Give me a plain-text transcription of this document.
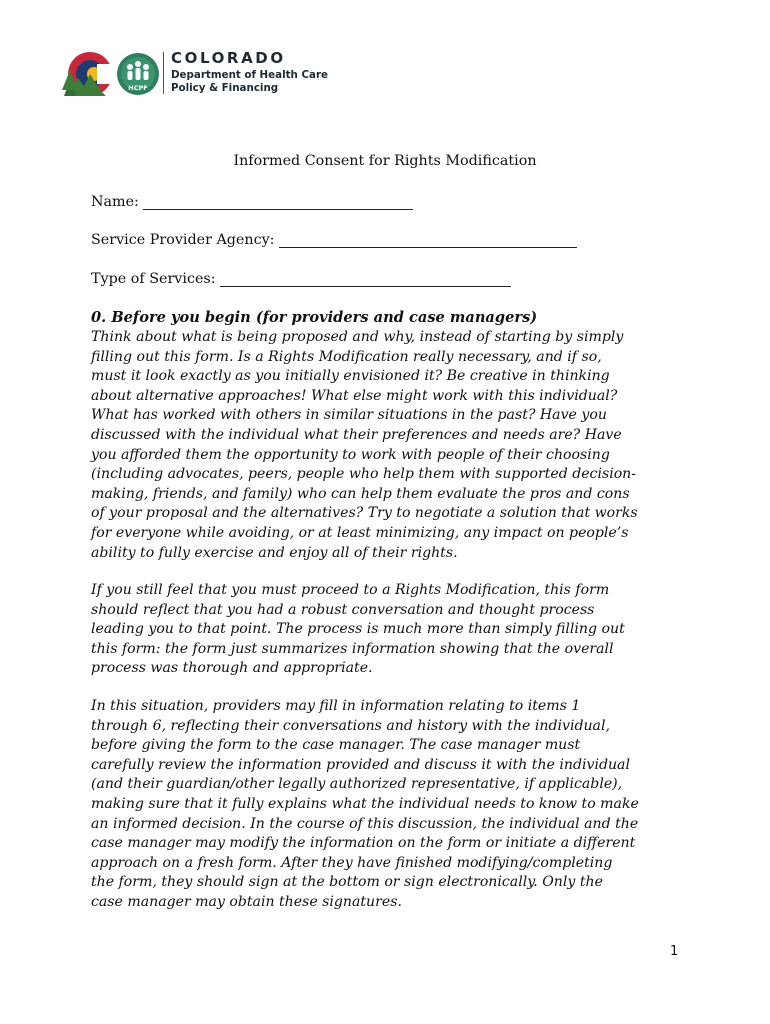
HCPF
COLORADO
Department of Health Care
Policy & Financing
Informed Consent for Rights Modification
Name:
Service Provider Agency:
Type of Services:
0. Before you begin (for providers and case managers)
Think about what is being proposed and why, instead of starting by simply
filling out this form. Is a Rights Modification really necessary, and if so,
must it look exactly as you initially envisioned it? Be creative in thinking
about alternative approaches! What else might work with this individual?
What has worked with others in similar situations in the past? Have you
discussed with the individual what their preferences and needs are? Have
you afforded them the opportunity to work with people of their choosing
(including advocates, peers, people who help them with supported decision-
making, friends, and family) who can help them evaluate the pros and cons
of your proposal and the alternatives? Try to negotiate a solution that works
for everyone while avoiding, or at least minimizing, any impact on people’s
ability to fully exercise and enjoy all of their rights.
If you still feel that you must proceed to a Rights Modification, this form
should reflect that you had a robust conversation and thought process
leading you to that point. The process is much more than simply filling out
this form: the form just summarizes information showing that the overall
process was thorough and appropriate.
In this situation, providers may fill in information relating to items 1
through 6, reflecting their conversations and history with the individual,
before giving the form to the case manager. The case manager must
carefully review the information provided and discuss it with the individual
(and their guardian/other legally authorized representative, if applicable),
making sure that it fully explains what the individual needs to know to make
an informed decision. In the course of this discussion, the individual and the
case manager may modify the information on the form or initiate a different
approach on a fresh form. After they have finished modifying/completing
the form, they should sign at the bottom or sign electronically. Only the
case manager may obtain these signatures.
1
